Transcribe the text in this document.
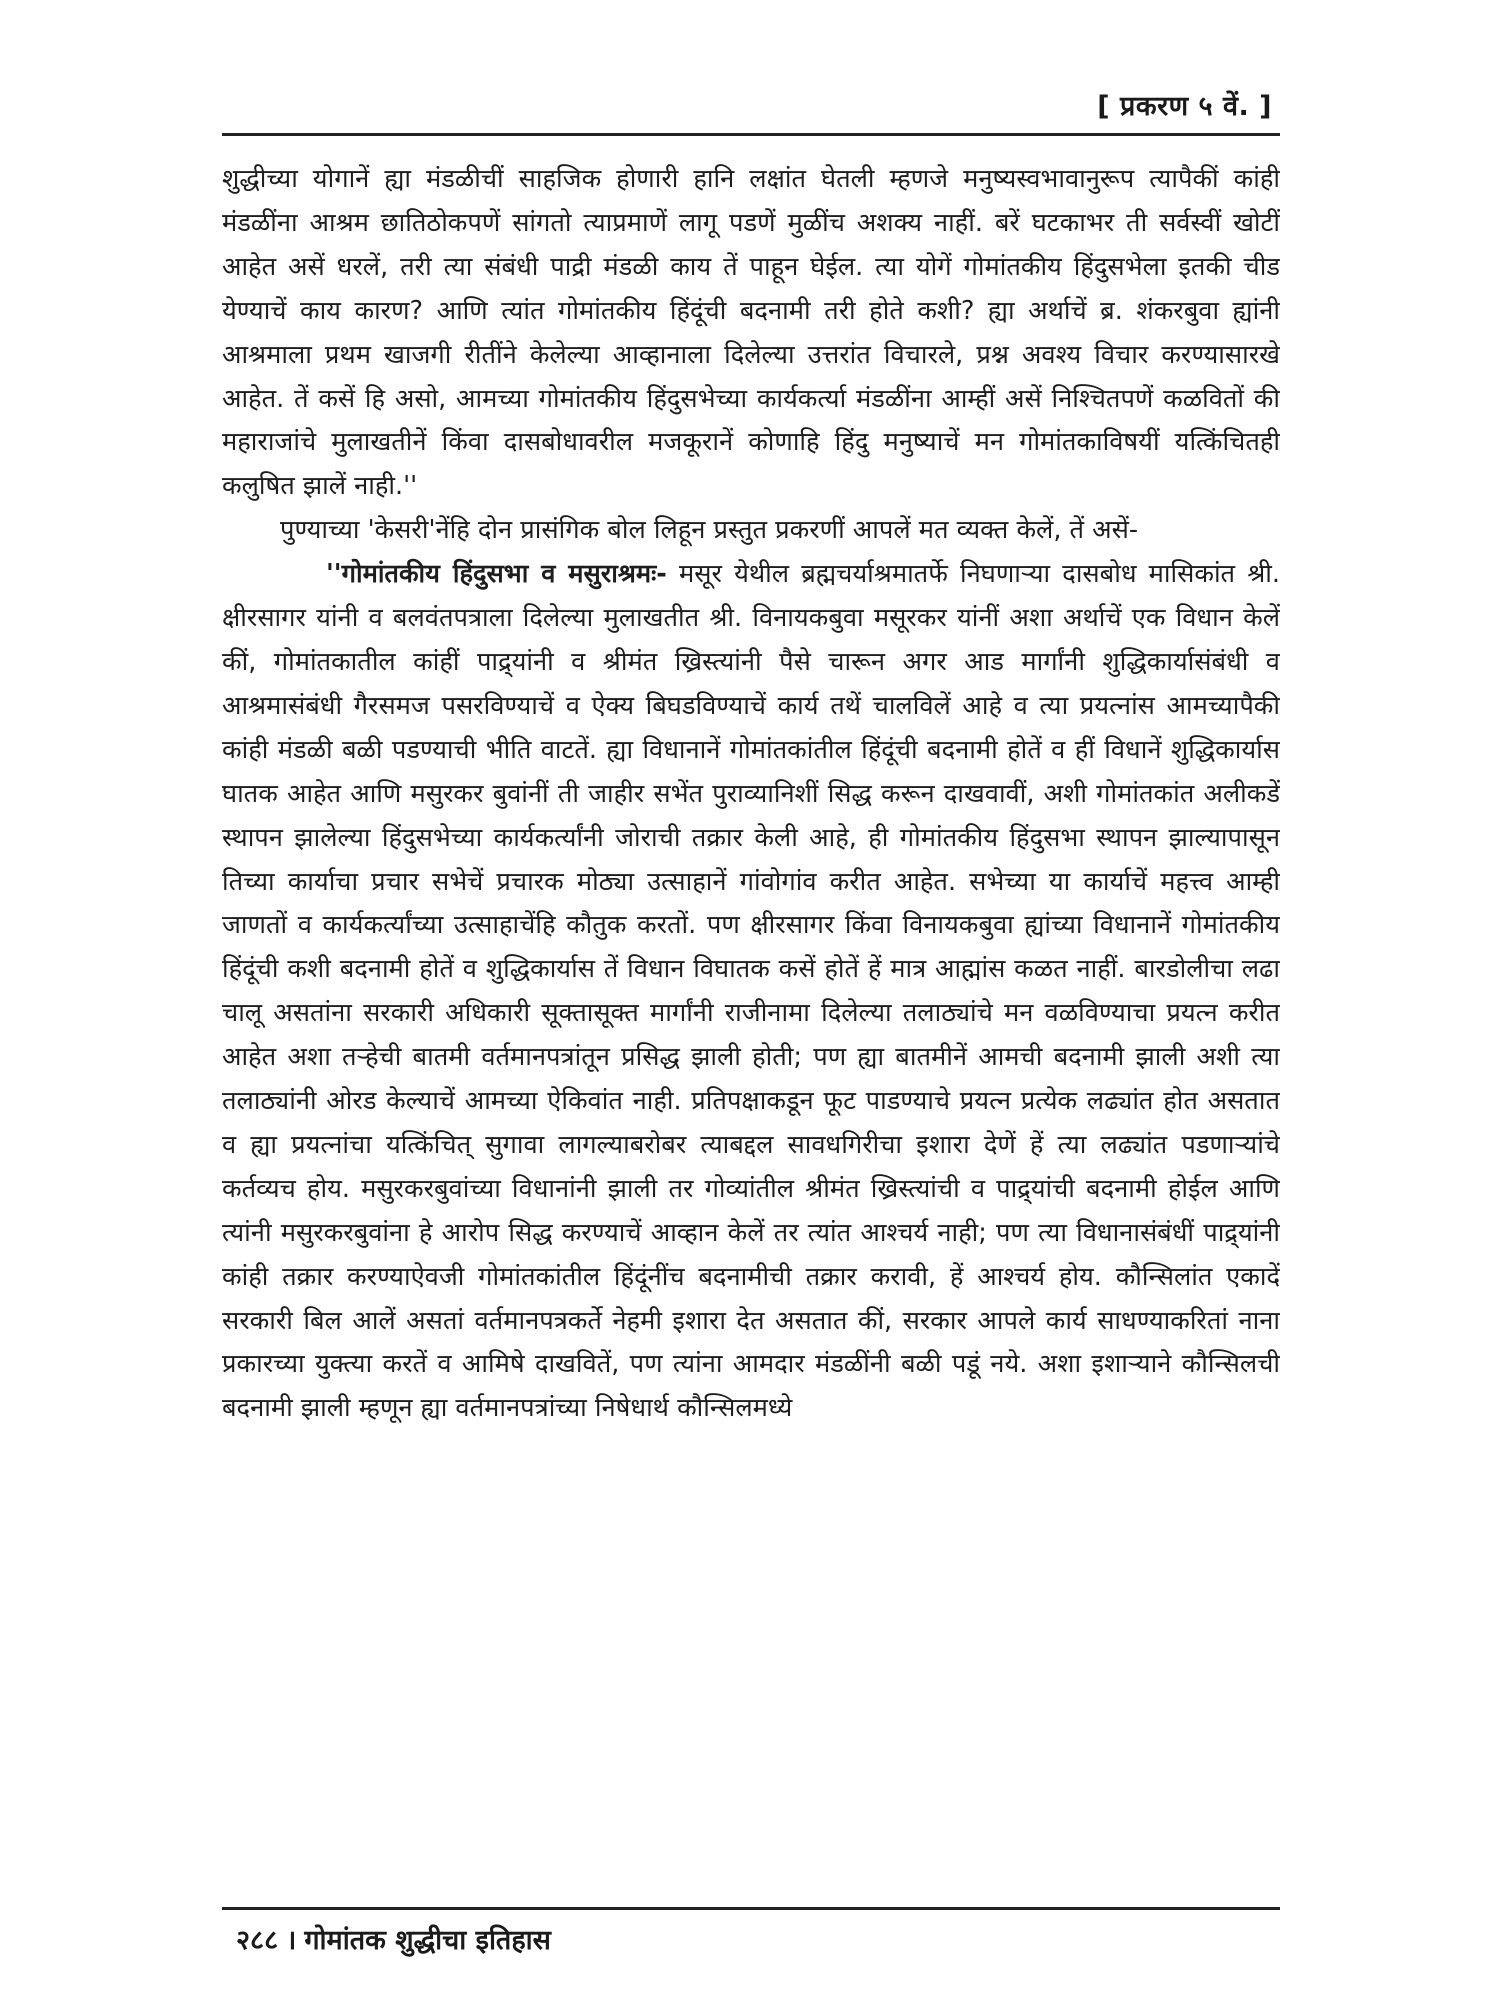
[ प्रकरण ५ वें. ]

शुद्धीच्या योगानें ह्या मंडळीचीं साहजिक होणारी हानि लक्षांत घेतली म्हणजे मनुष्यस्वभावानुरूप त्यापैकीं कांही मंडळींना आश्रम छातिठोकपणें सांगतो त्याप्रमाणें लागू पडणें मुळींच अशक्य नाहीं. बरें घटकाभर ती सर्वस्वीं खोटीं आहेत असें धरलें, तरी त्या संबंधी पाद्री मंडळी काय तें पाहून घेईल. त्या योगें गोमांतकीय हिंदुसभेला इतकी चीड येण्याचें काय कारण? आणि त्यांत गोमांतकीय हिंदूंची बदनामी तरी होते कशी? ह्या अर्थाचें ब्र. शंकरबुवा ह्यांनी आश्रमाला प्रथम खाजगी रीतींने केलेल्या आव्हानाला दिलेल्या उत्तरांत विचारले, प्रश्न अवश्य विचार करण्यासारखे आहेत. तें कसें हि असो, आमच्या गोमांतकीय हिंदुसभेच्या कार्यकर्त्या मंडळींना आम्हीं असें निश्चितपणें कळवितों की महाराजांचे मुलाखतीनें किंवा दासबोधावरील मजकूरानें कोणाहि हिंदु मनुष्याचें मन गोमांतकाविषयीं यत्किंचितही कलुषित झालें नाही.''

पुण्याच्या 'केसरी'नेंहि दोन प्रासंगिक बोल लिहून प्रस्तुत प्रकरणीं आपलें मत व्यक्त केलें, तें असें-

''गोमांतकीय हिंदुसभा व मसुराश्रमः- मसूर येथील ब्रह्मचर्याश्रमातर्फे निघणाऱ्या दासबोध मासिकांत श्री. क्षीरसागर यांनी व बलवंतपत्राला दिलेल्या मुलाखतीत श्री. विनायकबुवा मसूरकर यांनीं अशा अर्थाचें एक विधान केलें कीं, गोमांतकातील कांहीं पाद्र्यांनी व श्रीमंत ख्रिस्त्यांनी पैसे चारून अगर आड मार्गांनी शुद्धिकार्यासंबंधी व आश्रमासंबंधी गैरसमज पसरविण्याचें व ऐक्य बिघडविण्याचें कार्य तथें चालविलें आहे व त्या प्रयत्नांस आमच्यापैकी कांही मंडळी बळी पडण्याची भीति वाटतें. ह्या विधानानें गोमांतकांतील हिंदूंची बदनामी होतें व हीं विधानें शुद्धिकार्यास घातक आहेत आणि मसुरकर बुवांनीं ती जाहीर सभेंत पुराव्यानिशीं सिद्ध करून दाखवावीं, अशी गोमांतकांत अलीकडें स्थापन झालेल्या हिंदुसभेच्या कार्यकर्त्यांनी जोराची तक्रार केली आहे, ही गोमांतकीय हिंदुसभा स्थापन झाल्यापासून तिच्या कार्याचा प्रचार सभेचें प्रचारक मोठ्या उत्साहानें गांवोगांव करीत आहेत. सभेच्या या कार्याचें महत्त्व आम्ही जाणतों व कार्यकर्त्यांच्या उत्साहाचेंहि कौतुक करतों. पण क्षीरसागर किंवा विनायकबुवा ह्यांच्या विधानानें गोमांतकीय हिंदूंची कशी बदनामी होतें व शुद्धिकार्यास तें विधान विघातक कसें होतें हें मात्र आह्मांस कळत नाहीं. बारडोलीचा लढा चालू असतांना सरकारी अधिकारी सूक्तासूक्त मार्गांनी राजीनामा दिलेल्या तलाठ्यांचे मन वळविण्याचा प्रयत्न करीत आहेत अशा तऱ्हेची बातमी वर्तमानपत्रांतून प्रसिद्ध झाली होती; पण ह्या बातमीनें आमची बदनामी झाली अशी त्या तलाठ्यांनी ओरड केल्याचें आमच्या ऐकिवांत नाही. प्रतिपक्षाकडून फूट पाडण्याचे प्रयत्न प्रत्येक लढ्यांत होत असतात व ह्या प्रयत्नांचा यत्किंचित् सुगावा लागल्याबरोबर त्याबद्दल सावधगिरीचा इशारा देणें हें त्या लढ्यांत पडणाऱ्यांचे कर्तव्यच होय. मसुरकरबुवांच्या विधानांनी झाली तर गोव्यांतील श्रीमंत ख्रिस्त्यांची व पाद्र्यांची बदनामी होईल आणि त्यांनी मसुरकरबुवांना हे आरोप सिद्ध करण्याचें आव्हान केलें तर त्यांत आश्चर्य नाही; पण त्या विधानासंबंधीं पाद्र्यांनी कांही तक्रार करण्याऐवजी गोमांतकांतील हिंदूंनींच बदनामीची तक्रार करावी, हें आश्चर्य होय. कौन्सिलांत एकादें सरकारी बिल आलें असतां वर्तमानपत्रकर्ते नेहमी इशारा देत असतात कीं, सरकार आपले कार्य साधण्याकरितां नाना प्रकारच्या युक्त्या करतें व आमिषे दाखवितें, पण त्यांना आमदार मंडळींनी बळी पडूं नये. अशा इशाऱ्याने कौन्सिलची बदनामी झाली म्हणून ह्या वर्तमानपत्रांच्या निषेधार्थ कौन्सिलमध्ये

२८८ । गोमांतक शुद्धीचा इतिहास
